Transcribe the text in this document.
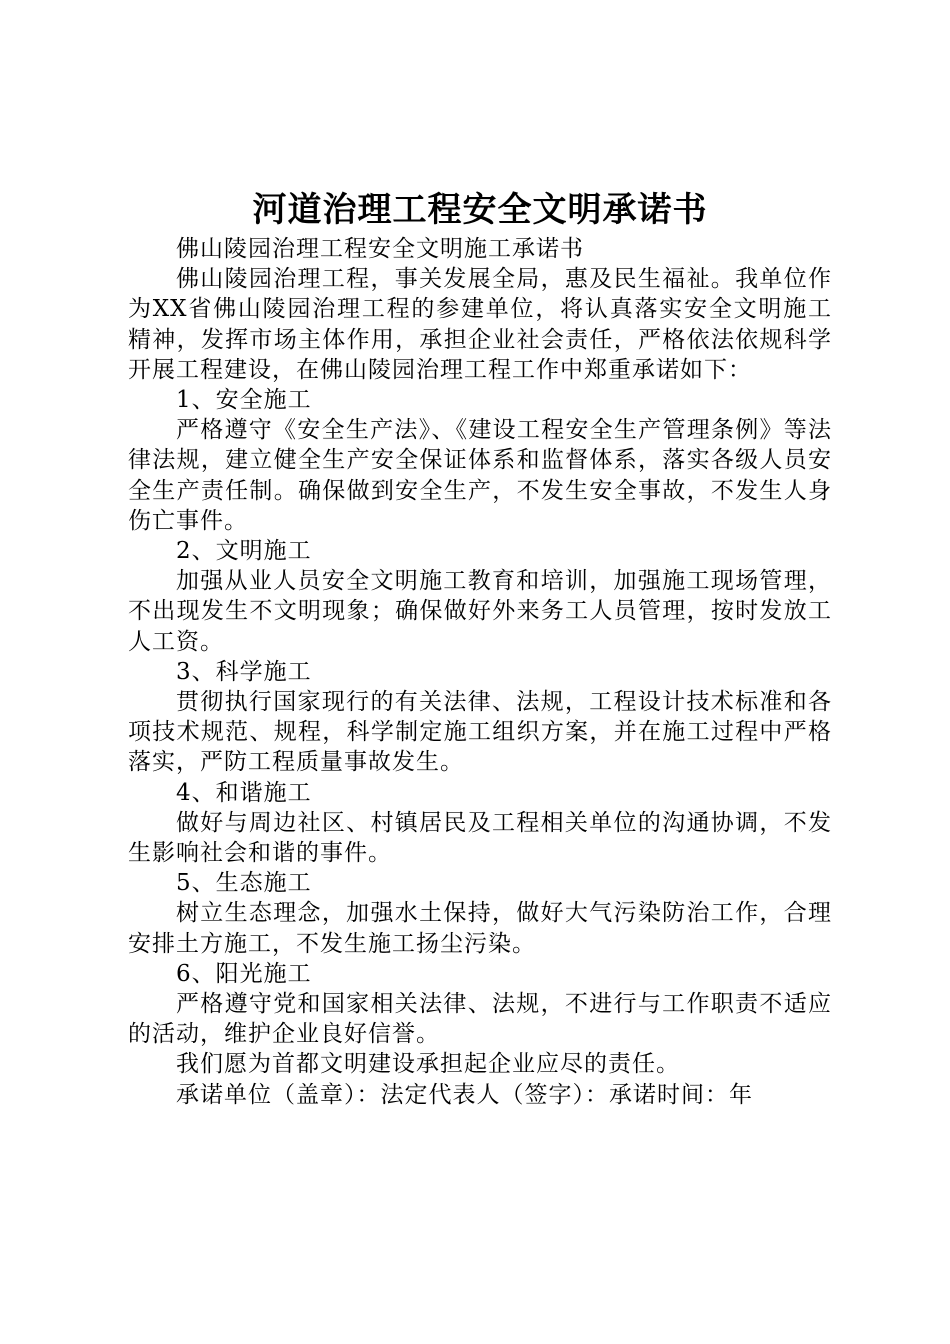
河道治理工程安全文明承诺书

佛山陵园治理工程安全文明施工承诺书

佛山陵园治理工程，事关发展全局，惠及民生福祉。我单位作为XX省佛山陵园治理工程的参建单位，将认真落实安全文明施工精神，发挥市场主体作用，承担企业社会责任，严格依法依规科学开展工程建设，在佛山陵园治理工程工作中郑重承诺如下：

1、安全施工

严格遵守《安全生产法》、《建设工程安全生产管理条例》等法律法规，建立健全生产安全保证体系和监督体系，落实各级人员安全生产责任制。确保做到安全生产，不发生安全事故，不发生人身伤亡事件。

2、文明施工

加强从业人员安全文明施工教育和培训，加强施工现场管理，不出现发生不文明现象；确保做好外来务工人员管理，按时发放工人工资。

3、科学施工

贯彻执行国家现行的有关法律、法规，工程设计技术标准和各项技术规范、规程，科学制定施工组织方案，并在施工过程中严格落实，严防工程质量事故发生。

4、和谐施工

做好与周边社区、村镇居民及工程相关单位的沟通协调，不发生影响社会和谐的事件。

5、生态施工

树立生态理念，加强水土保持，做好大气污染防治工作，合理安排土方施工，不发生施工扬尘污染。

6、阳光施工

严格遵守党和国家相关法律、法规，不进行与工作职责不适应的活动，维护企业良好信誉。

我们愿为首都文明建设承担起企业应尽的责任。

承诺单位（盖章）：法定代表人（签字）：承诺时间：年
